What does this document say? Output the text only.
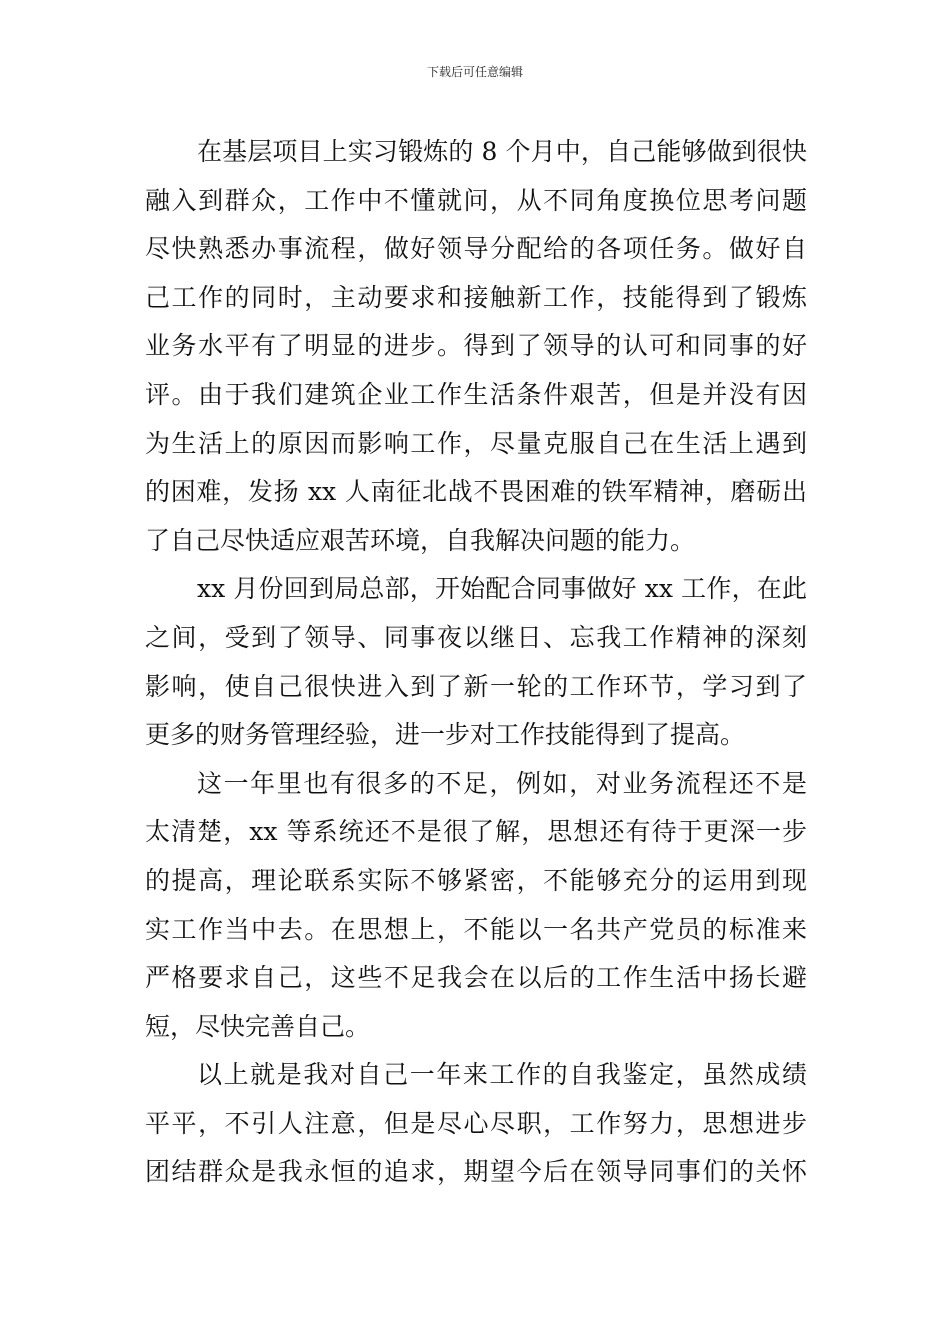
下载后可任意编辑
在基层项目上实习锻炼的 8 个月中，自己能够做到很快
融入到群众，工作中不懂就问，从不同角度换位思考问题
尽快熟悉办事流程，做好领导分配给的各项任务。做好自
己工作的同时，主动要求和接触新工作，技能得到了锻炼
业务水平有了明显的进步。得到了领导的认可和同事的好
评。由于我们建筑企业工作生活条件艰苦，但是并没有因
为生活上的原因而影响工作，尽量克服自己在生活上遇到
的困难，发扬 xx 人南征北战不畏困难的铁军精神，磨砺出
了自己尽快适应艰苦环境，自我解决问题的能力。
xx 月份回到局总部，开始配合同事做好 xx 工作，在此
之间，受到了领导、同事夜以继日、忘我工作精神的深刻
影响，使自己很快进入到了新一轮的工作环节，学习到了
更多的财务管理经验，进一步对工作技能得到了提高。
这一年里也有很多的不足，例如，对业务流程还不是
太清楚，xx 等系统还不是很了解，思想还有待于更深一步
的提高，理论联系实际不够紧密，不能够充分的运用到现
实工作当中去。在思想上，不能以一名共产党员的标准来
严格要求自己，这些不足我会在以后的工作生活中扬长避
短，尽快完善自己。
以上就是我对自己一年来工作的自我鉴定，虽然成绩
平平，不引人注意，但是尽心尽职，工作努力，思想进步
团结群众是我永恒的追求，期望今后在领导同事们的关怀
